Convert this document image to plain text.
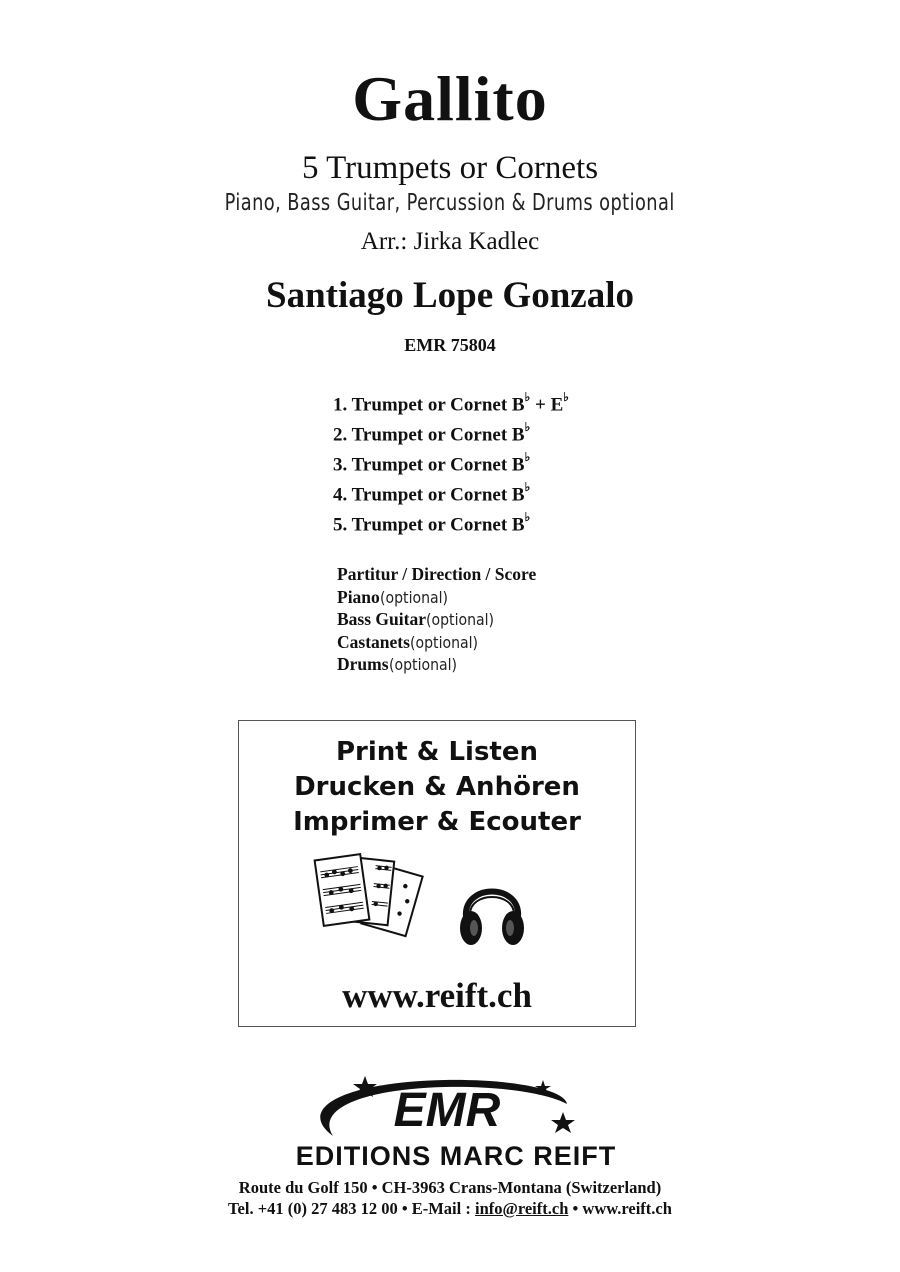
Gallito
5 Trumpets or Cornets
Piano, Bass Guitar, Percussion & Drums optional
Arr.: Jirka Kadlec
Santiago Lope Gonzalo
EMR 75804
1. Trumpet or Cornet B♭ + E♭
2. Trumpet or Cornet B♭
3. Trumpet or Cornet B♭
4. Trumpet or Cornet B♭
5. Trumpet or Cornet B♭
Partitur / Direction / Score
Piano(optional)
Bass Guitar(optional)
Castanets(optional)
Drums(optional)
Print & Listen
Drucken & Anhören
Imprimer & Ecouter
www.reift.ch
EMR
EDITIONS MARC REIFT
Route du Golf 150 • CH-3963 Crans-Montana (Switzerland)
Tel. +41 (0) 27 483 12 00 • E-Mail : info@reift.ch • www.reift.ch
